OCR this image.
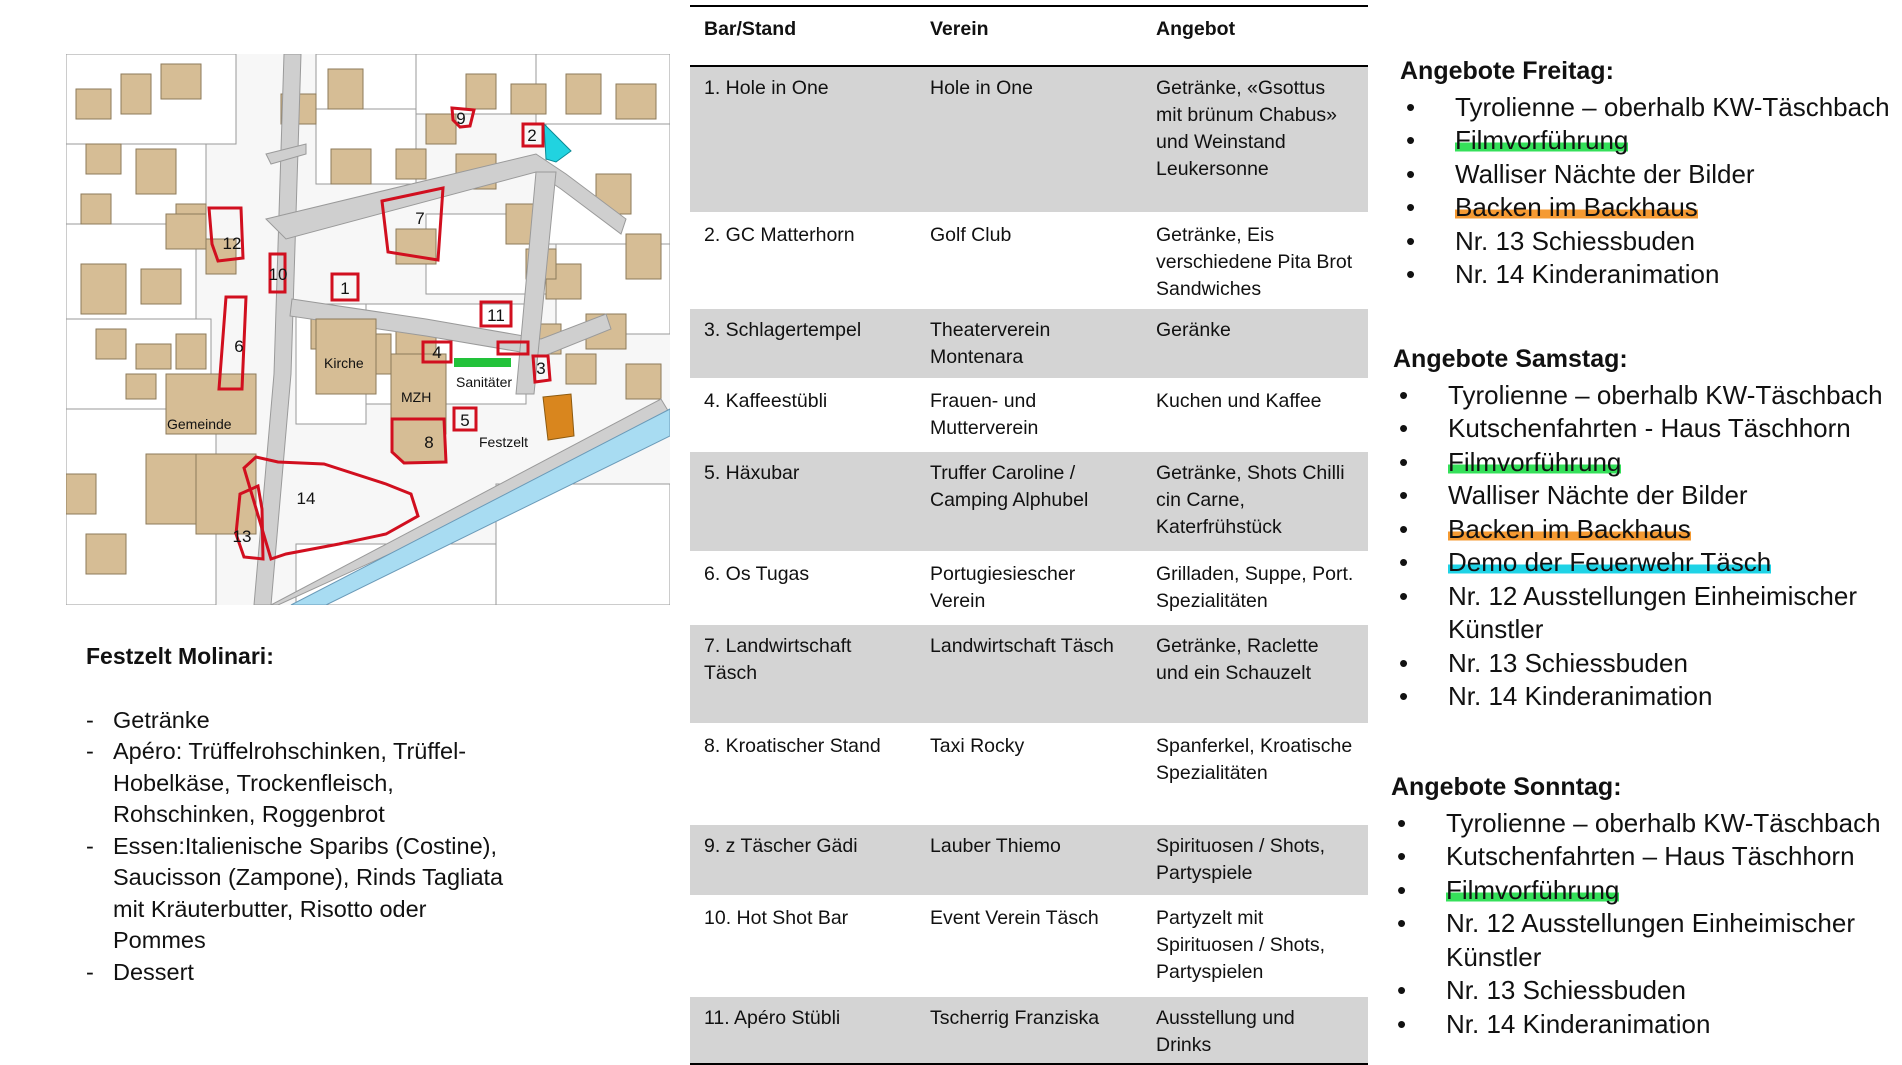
1
2
3
4
5
6
7
8
9
10
11
12
13
14
Kirche
Gemeinde
MZH
Sanitäter
Festzelt
Festzelt Molinari:
- Getränke
- Apéro: Trüffelrohschinken, Trüffel- Hobelkäse, Trockenfleisch, Rohschinken, Roggenbrot
- Essen:Italienische Sparibs (Costine), Saucisson (Zampone), Rinds Tagliata mit Kräuterbutter, Risotto oder Pommes
- Dessert
Bar/Stand	Verein	Angebot
1. Hole in One	Hole in One	Getränke, «Gsottus mit brünum Chabus» und Weinstand Leukersonne
2. GC Matterhorn	Golf Club	Getränke, Eis verschiedene Pita Brot Sandwiches
3. Schlagertempel	Theaterverein Montenara	Geränke
4. Kaffeestübli	Frauen- und Mutterverein	Kuchen und Kaffee
5. Häxubar	Truffer Caroline / Camping Alphubel	Getränke, Shots Chilli cin Carne, Katerfrühstück
6. Os Tugas	Portugiesiescher Verein	Grilladen, Suppe, Port. Spezialitäten
7. Landwirtschaft Täsch	Landwirtschaft Täsch	Getränke, Raclette und ein Schauzelt
8. Kroatischer Stand	Taxi Rocky	Spanferkel, Kroatische Spezialitäten
9. z Täscher Gädi	Lauber Thiemo	Spirituosen / Shots, Partyspiele
10. Hot Shot Bar	Event Verein Täsch	Partyzelt mit Spirituosen / Shots, Partyspielen
11. Apéro Stübli	Tscherrig Franziska	Ausstellung und Drinks
Angebote Freitag:
• Tyrolienne – oberhalb KW-Täschbach
• Filmvorführung
• Walliser Nächte der Bilder
• Backen im Backhaus
• Nr. 13 Schiessbuden
• Nr. 14 Kinderanimation
Angebote Samstag:
• Tyrolienne – oberhalb KW-Täschbach
• Kutschenfahrten - Haus Täschhorn
• Filmvorführung
• Walliser Nächte der Bilder
• Backen im Backhaus
• Demo der Feuerwehr Täsch
• Nr. 12 Ausstellungen Einheimischer Künstler
• Nr. 13 Schiessbuden
• Nr. 14 Kinderanimation
Angebote Sonntag:
• Tyrolienne – oberhalb KW-Täschbach
• Kutschenfahrten – Haus Täschhorn
• Filmvorführung
• Nr. 12 Ausstellungen Einheimischer Künstler
• Nr. 13 Schiessbuden
• Nr. 14 Kinderanimation
